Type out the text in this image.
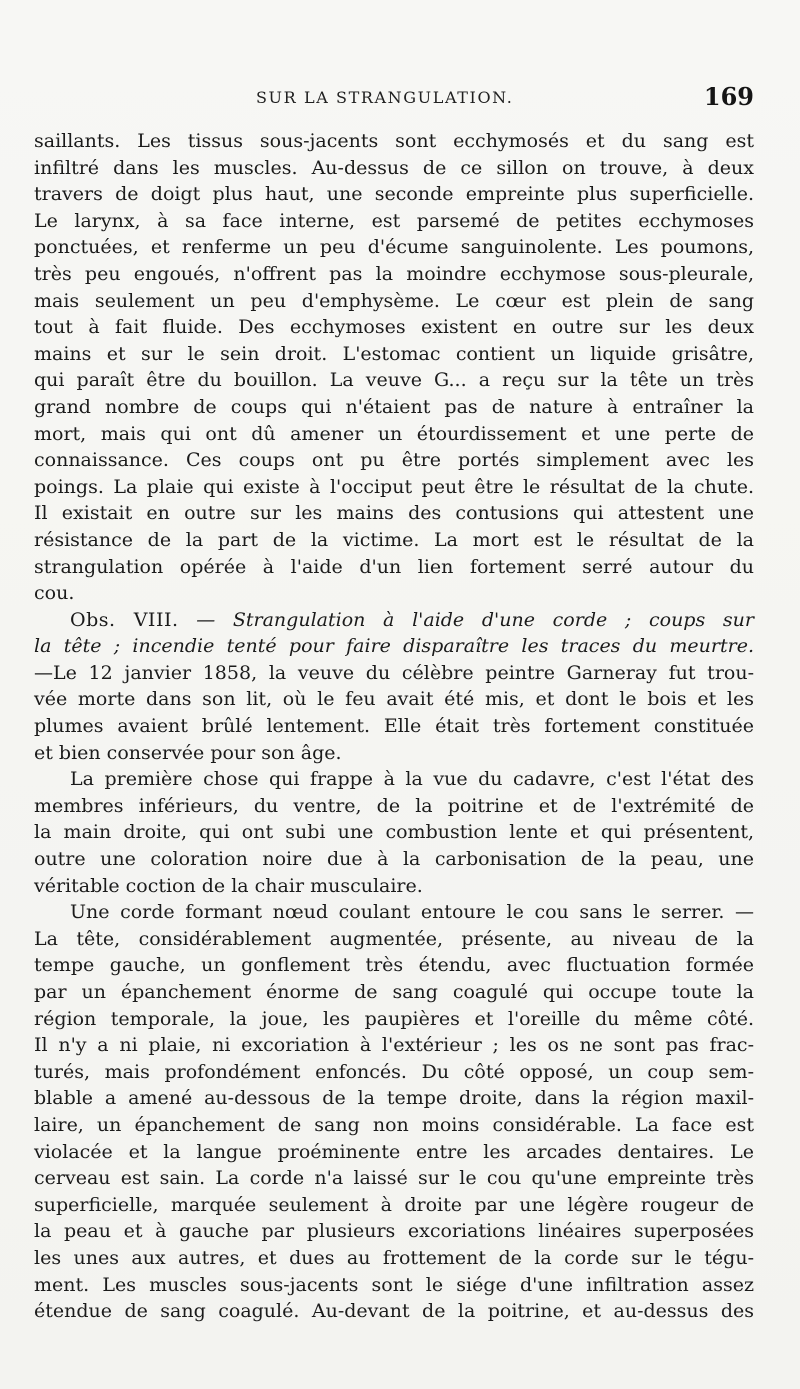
SUR LA STRANGULATION.	169
saillants. Les tissus sous-jacents sont ecchymosés et du sang est
infiltré dans les muscles. Au-dessus de ce sillon on trouve, à deux
travers de doigt plus haut, une seconde empreinte plus superficielle.
Le larynx, à sa face interne, est parsemé de petites ecchymoses
ponctuées, et renferme un peu d'écume sanguinolente. Les poumons,
très peu engoués, n'offrent pas la moindre ecchymose sous-pleurale,
mais seulement un peu d'emphysème. Le cœur est plein de sang
tout à fait fluide. Des ecchymoses existent en outre sur les deux
mains et sur le sein droit. L'estomac contient un liquide grisâtre,
qui paraît être du bouillon. La veuve G... a reçu sur la tête un très
grand nombre de coups qui n'étaient pas de nature à entraîner la
mort, mais qui ont dû amener un étourdissement et une perte de
connaissance. Ces coups ont pu être portés simplement avec les
poings. La plaie qui existe à l'occiput peut être le résultat de la chute.
Il existait en outre sur les mains des contusions qui attestent une
résistance de la part de la victime. La mort est le résultat de la
strangulation opérée à l'aide d'un lien fortement serré autour du
cou.
Obs. VIII. — Strangulation à l'aide d'une corde ; coups sur
la tête ; incendie tenté pour faire disparaître les traces du meurtre.
—Le 12 janvier 1858, la veuve du célèbre peintre Garneray fut trou-
vée morte dans son lit, où le feu avait été mis, et dont le bois et les
plumes avaient brûlé lentement. Elle était très fortement constituée
et bien conservée pour son âge.
La première chose qui frappe à la vue du cadavre, c'est l'état des
membres inférieurs, du ventre, de la poitrine et de l'extrémité de
la main droite, qui ont subi une combustion lente et qui présentent,
outre une coloration noire due à la carbonisation de la peau, une
véritable coction de la chair musculaire.
Une corde formant nœud coulant entoure le cou sans le serrer. —
La tête, considérablement augmentée, présente, au niveau de la
tempe gauche, un gonflement très étendu, avec fluctuation formée
par un épanchement énorme de sang coagulé qui occupe toute la
région temporale, la joue, les paupières et l'oreille du même côté.
Il n'y a ni plaie, ni excoriation à l'extérieur ; les os ne sont pas frac-
turés, mais profondément enfoncés. Du côté opposé, un coup sem-
blable a amené au-dessous de la tempe droite, dans la région maxil-
laire, un épanchement de sang non moins considérable. La face est
violacée et la langue proéminente entre les arcades dentaires. Le
cerveau est sain. La corde n'a laissé sur le cou qu'une empreinte très
superficielle, marquée seulement à droite par une légère rougeur de
la peau et à gauche par plusieurs excoriations linéaires superposées
les unes aux autres, et dues au frottement de la corde sur le tégu-
ment. Les muscles sous-jacents sont le siége d'une infiltration assez
étendue de sang coagulé. Au-devant de la poitrine, et au-dessus des
